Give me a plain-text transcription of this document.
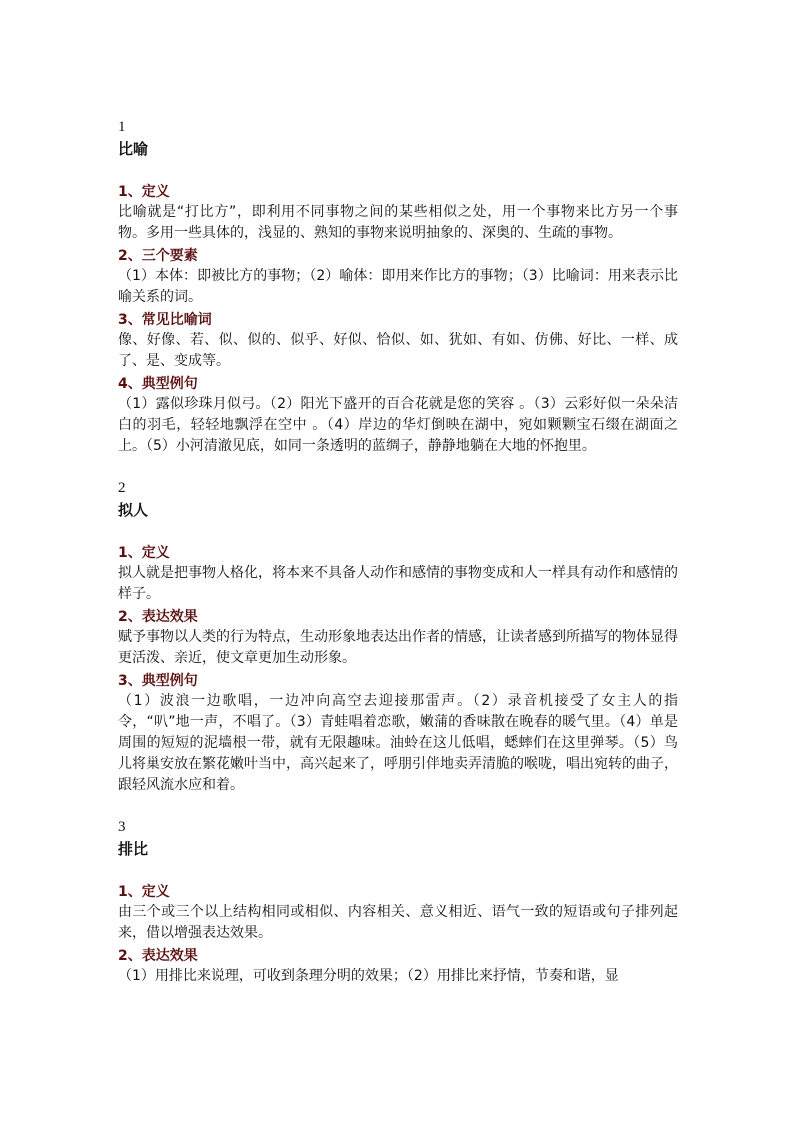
1
比喻
1、定义
比喻就是“打比方”，即利用不同事物之间的某些相似之处，用一个事物来比方另一个事物。多用一些具体的，浅显的、熟知的事物来说明抽象的、深奥的、生疏的事物。
2、三个要素
（1）本体：即被比方的事物；（2）喻体：即用来作比方的事物；（3）比喻词：用来表示比喻关系的词。
3、常见比喻词
像、好像、若、似、似的、似乎、好似、恰似、如、犹如、有如、仿佛、好比、一样、成了、是、变成等。
4、典型例句
（1）露似珍珠月似弓。（2）阳光下盛开的百合花就是您的笑容 。（3）云彩好似一朵朵洁白的羽毛，轻轻地飘浮在空中 。（4）岸边的华灯倒映在湖中，宛如颗颗宝石缀在湖面之上。（5）小河清澈见底，如同一条透明的蓝绸子，静静地躺在大地的怀抱里。
2
拟人
1、定义
拟人就是把事物人格化，将本来不具备人动作和感情的事物变成和人一样具有动作和感情的样子。
2、表达效果
赋予事物以人类的行为特点，生动形象地表达出作者的情感，让读者感到所描写的物体显得更活泼、亲近，使文章更加生动形象。
3、典型例句
（1）波浪一边歌唱，一边冲向高空去迎接那雷声。（2）录音机接受了女主人的指令，“叭”地一声，不唱了。（3）青蛙唱着恋歌，嫩蒲的香味散在晚春的暖气里。（4）单是周围的短短的泥墙根一带，就有无限趣味。油蛉在这儿低唱，蟋蟀们在这里弹琴。（5）鸟儿将巢安放在繁花嫩叶当中，高兴起来了，呼朋引伴地卖弄清脆的喉咙，唱出宛转的曲子，跟轻风流水应和着。
3
排比
1、定义
由三个或三个以上结构相同或相似、内容相关、意义相近、语气一致的短语或句子排列起来，借以增强表达效果。
2、表达效果
（1）用排比来说理，可收到条理分明的效果；（2）用排比来抒情，节奏和谐，显
